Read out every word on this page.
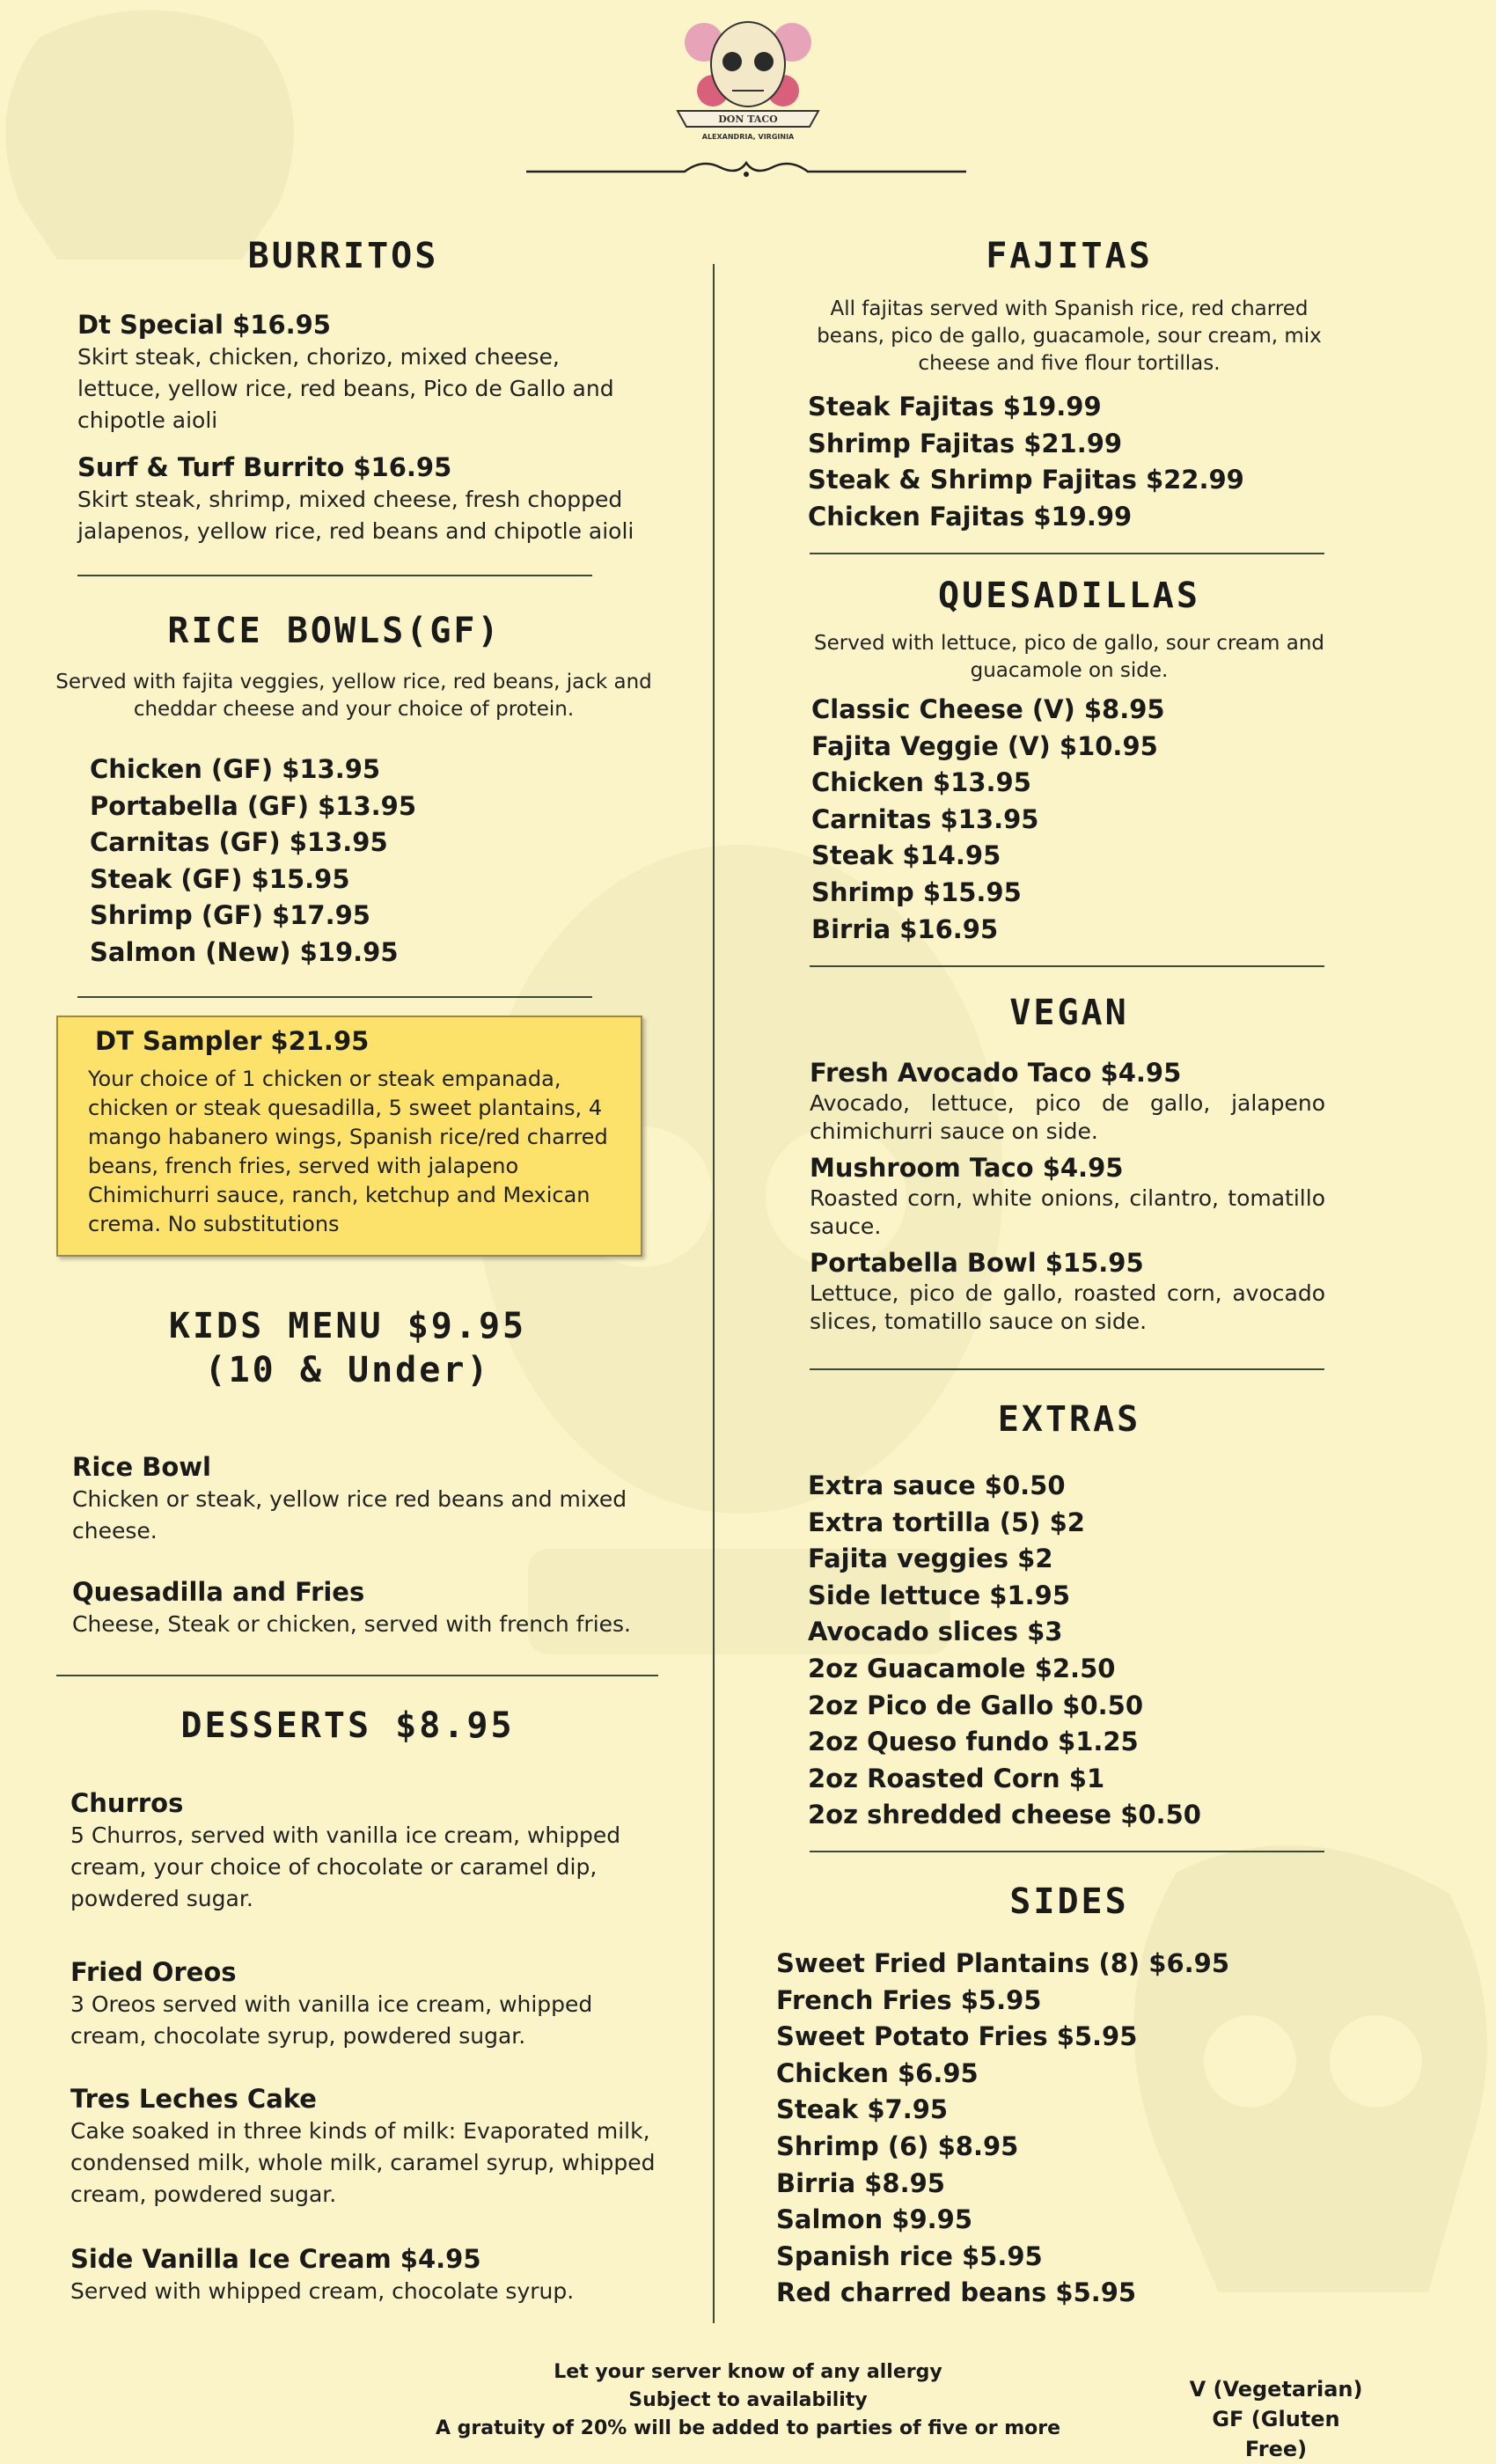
DON TACO
ALEXANDRIA, VIRGINIA
BURRITOS
Dt Special $16.95
Skirt steak, chicken, chorizo, mixed cheese, lettuce, yellow rice, red beans, Pico de Gallo and chipotle aioli
Surf & Turf Burrito $16.95
Skirt steak, shrimp, mixed cheese, fresh chopped jalapenos, yellow rice, red beans and chipotle aioli
RICE BOWLS(GF)
Served with fajita veggies, yellow rice, red beans, jack and cheddar cheese and your choice of protein.
Chicken (GF) $13.95
Portabella (GF) $13.95
Carnitas (GF) $13.95
Steak (GF) $15.95
Shrimp (GF) $17.95
Salmon (New) $19.95
DT Sampler $21.95
Your choice of 1 chicken or steak empanada, chicken or steak quesadilla, 5 sweet plantains, 4 mango habanero wings, Spanish rice/red charred beans, french fries, served with jalapeno Chimichurri sauce, ranch, ketchup and Mexican crema. No substitutions
KIDS MENU $9.95
(10 & Under)
Rice Bowl
Chicken or steak, yellow rice red beans and mixed cheese.
Quesadilla and Fries
Cheese, Steak or chicken, served with french fries.
DESSERTS $8.95
Churros
5 Churros, served with vanilla ice cream, whipped cream, your choice of chocolate or caramel dip, powdered sugar.
Fried Oreos
3 Oreos served with vanilla ice cream, whipped cream, chocolate syrup, powdered sugar.
Tres Leches Cake
Cake soaked in three kinds of milk: Evaporated milk, condensed milk, whole milk, caramel syrup, whipped cream, powdered sugar.
Side Vanilla Ice Cream $4.95
Served with whipped cream, chocolate syrup.
FAJITAS
All fajitas served with Spanish rice, red charred beans, pico de gallo, guacamole, sour cream, mix cheese and five flour tortillas.
Steak Fajitas $19.99
Shrimp Fajitas $21.99
Steak & Shrimp Fajitas $22.99
Chicken Fajitas $19.99
QUESADILLAS
Served with lettuce, pico de gallo, sour cream and guacamole on side.
Classic Cheese (V) $8.95
Fajita Veggie (V) $10.95
Chicken $13.95
Carnitas $13.95
Steak $14.95
Shrimp $15.95
Birria $16.95
VEGAN
Fresh Avocado Taco $4.95
Avocado, lettuce, pico de gallo, jalapeno chimichurri sauce on side.
Mushroom Taco $4.95
Roasted corn, white onions, cilantro, tomatillo sauce.
Portabella Bowl $15.95
Lettuce, pico de gallo, roasted corn, avocado slices, tomatillo sauce on side.
EXTRAS
Extra sauce $0.50
Extra tortilla (5) $2
Fajita veggies $2
Side lettuce $1.95
Avocado slices $3
2oz Guacamole $2.50
2oz Pico de Gallo $0.50
2oz Queso fundo $1.25
2oz Roasted Corn $1
2oz shredded cheese $0.50
SIDES
Sweet Fried Plantains (8) $6.95
French Fries $5.95
Sweet Potato Fries $5.95
Chicken $6.95
Steak $7.95
Shrimp (6) $8.95
Birria $8.95
Salmon $9.95
Spanish rice $5.95
Red charred beans $5.95
Let your server know of any allergy
Subject to availability
A gratuity of 20% will be added to parties of five or more
V (Vegetarian)
GF (Gluten Free)
